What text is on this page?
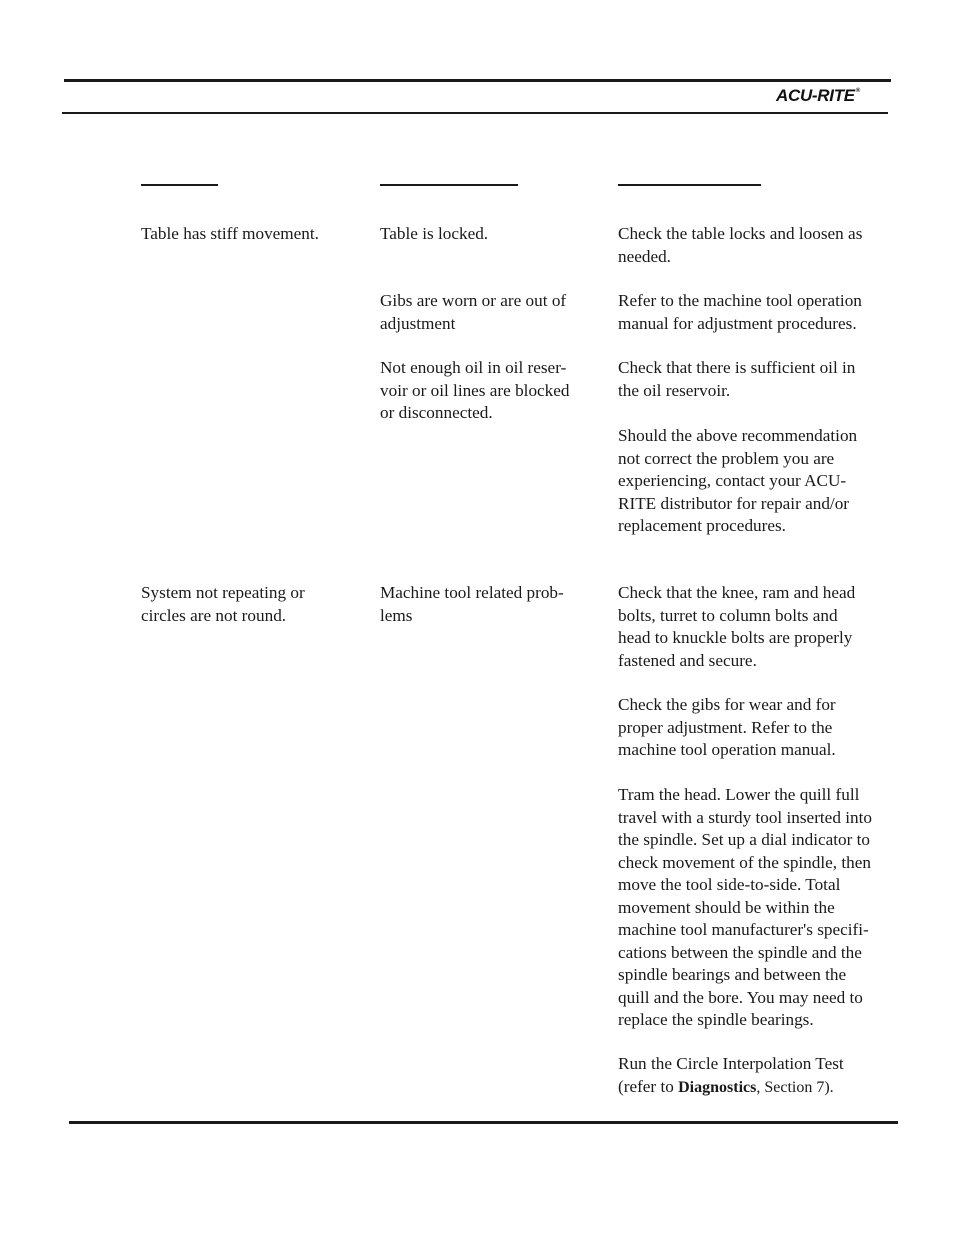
ACU-RITE®
Table has stiff movement.	Table is locked.
Gibs are worn or are out of
adjustment
Not enough oil in oil reser-
voir or oil lines are blocked
or disconnected.
Check the table locks and loosen as
needed.
Refer to the machine tool operation
manual for adjustment procedures.
Check that there is sufficient oil in
the oil reservoir.
Should the above recommendation
not correct the problem you are
experiencing, contact your ACU-
RITE distributor for repair and/or
replacement procedures.
System not repeating or
circles are not round.
Machine tool related prob-
lems
Check that the knee, ram and head
bolts, turret to column bolts and
head to knuckle bolts are properly
fastened and secure.
Check the gibs for wear and for
proper adjustment. Refer to the
machine tool operation manual.
Tram the head. Lower the quill full
travel with a sturdy tool inserted into
the spindle. Set up a dial indicator to
check movement of the spindle, then
move the tool side-to-side. Total
movement should be within the
machine tool manufacturer's specifi-
cations between the spindle and the
spindle bearings and between the
quill and the bore. You may need to
replace the spindle bearings.
Run the Circle Interpolation Test
(refer to Diagnostics, Section 7).
